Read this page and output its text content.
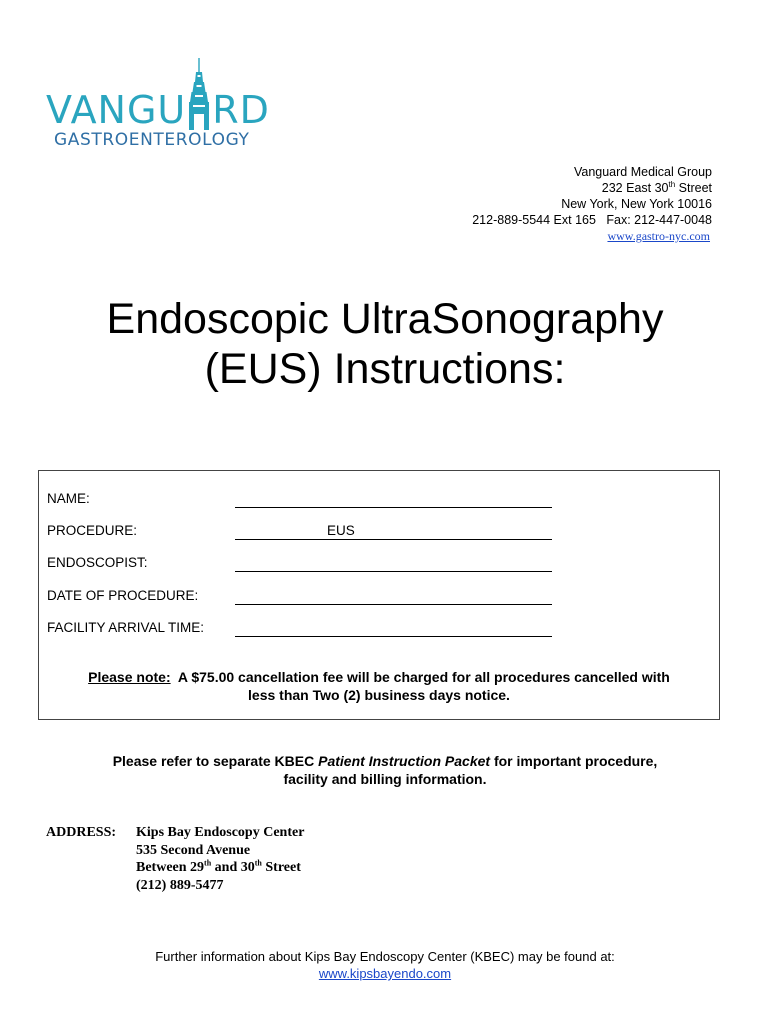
VANGU RD
GASTROENTEROLOGY
Vanguard Medical Group
232 East 30th Street
New York, New York 10016
212-889-5544 Ext 165   Fax: 212-447-0048
www.gastro-nyc.com
Endoscopic UltraSonography
(EUS) Instructions:
NAME:
PROCEDURE:	EUS
ENDOSCOPIST:
DATE OF PROCEDURE:
FACILITY ARRIVAL TIME:
Please note:  A $75.00 cancellation fee will be charged for all procedures cancelled with
less than Two (2) business days notice.
Please refer to separate KBEC Patient Instruction Packet for important procedure,
facility and billing information.
ADDRESS: Kips Bay Endoscopy Center
535 Second Avenue
Between 29th and 30th Street
(212) 889-5477
Further information about Kips Bay Endoscopy Center (KBEC) may be found at:
www.kipsbayendo.com
